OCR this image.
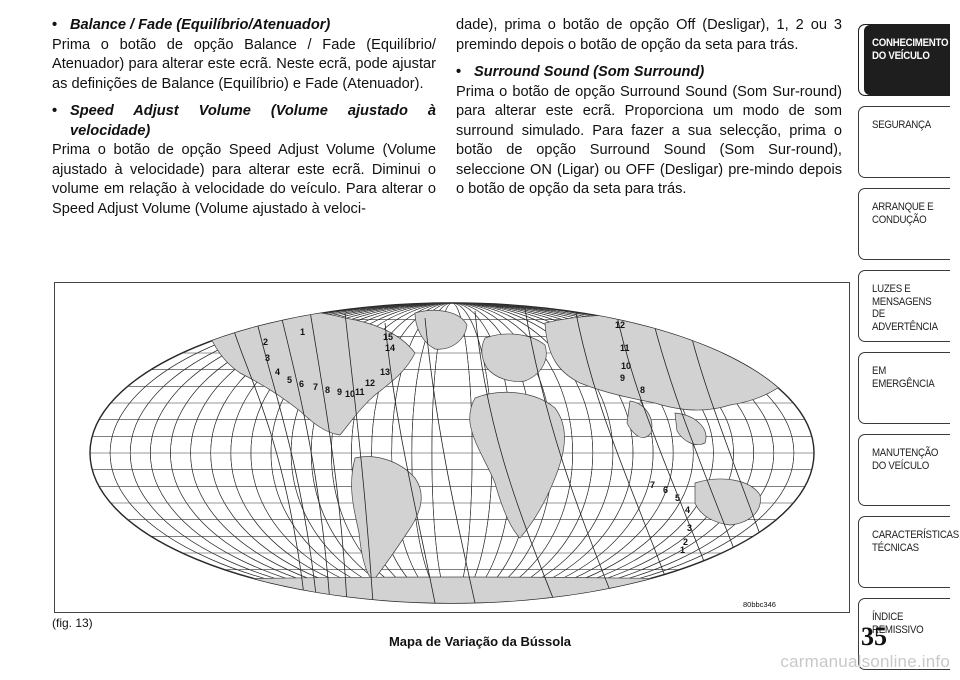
• Balance / Fade (Equilíbrio/Atenuador)

Prima o botão de opção Balance / Fade (Equilíbrio/ Atenuador) para alterar este ecrã. Neste ecrã, pode ajustar as definições de Balance (Equilíbrio) e Fade (Atenuador).

• Speed Adjust Volume (Volume ajustado à velocidade)

Prima o botão de opção Speed Adjust Volume (Volume ajustado à velocidade) para alterar este ecrã. Diminui o volume em relação à velocidade do veículo. Para alterar o Speed Adjust Volume (Volume ajustado à veloci-

dade), prima o botão de opção Off (Desligar), 1, 2 ou 3 premindo depois o botão de opção da seta para trás.

• Surround Sound (Som Surround)

Prima o botão de opção Surround Sound (Som Sur-round) para alterar este ecrã. Proporciona um modo de som surround simulado. Para fazer a sua selecção, prima o botão de opção Surround Sound (Som Sur-round), seleccione ON (Ligar) ou OFF (Desligar) pre-mindo depois o botão de opção da seta para trás.

CONHECIMENTO DO VEÍCULO
SEGURANÇA
ARRANQUE E CONDUÇÃO
LUZES E MENSAGENS DE ADVERTÊNCIA
EM EMERGÊNCIA
MANUTENÇÃO DO VEÍCULO
CARACTERÍSTICAS TÉCNICAS
ÍNDICE REMISSIVO
1
2
3
4
5 6 7 8 9 10 11
12
13
14
15
12
11
10
9
8
7 6
5
4
3
2
1
80bbc346
(fig. 13)
Mapa de Variação da Bússola	35
carmanualsonline.info
